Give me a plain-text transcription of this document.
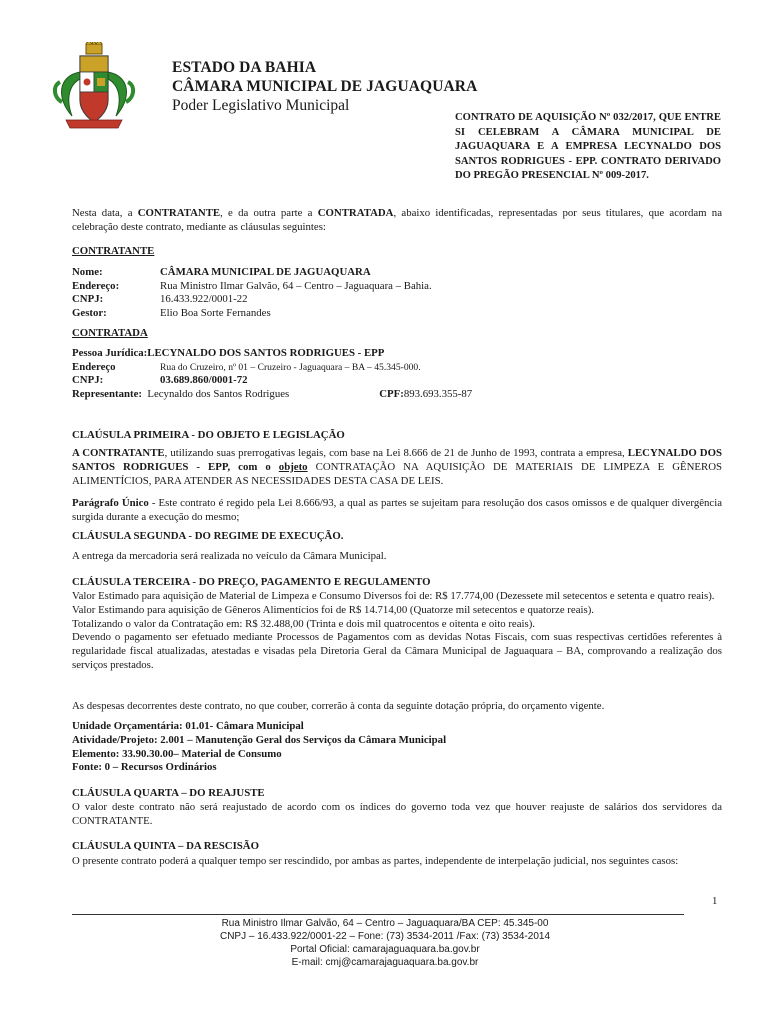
ESTADO DA BAHIA
CÂMARA MUNICIPAL DE JAGUAQUARA
Poder Legislativo Municipal
CONTRATO DE AQUISIÇÃO Nº 032/2017, QUE ENTRE SI CELEBRAM A CÂMARA MUNICIPAL DE JAGUAQUARA E A EMPRESA LECYNALDO DOS SANTOS RODRIGUES - EPP. CONTRATO DERIVADO DO PREGÃO PRESENCIAL Nº 009-2017.
Nesta data, a CONTRATANTE, e da outra parte a CONTRATADA, abaixo identificadas, representadas por seus titulares, que acordam na celebração deste contrato, mediante as cláusulas seguintes:
CONTRATANTE
Nome:	CÂMARA MUNICIPAL DE JAGUAQUARA
Endereço:	Rua Ministro Ilmar Galvão, 64 – Centro – Jaguaquara – Bahia.
CNPJ:	16.433.922/0001-22
Gestor:	Elio Boa Sorte Fernandes
CONTRATADA
Pessoa Jurídica:LECYNALDO DOS SANTOS RODRIGUES - EPP
Endereço	Rua do Cruzeiro, nº 01 – Cruzeiro - Jaguaquara – BA – 45.345-000.
CNPJ:	03.689.860/0001-72
Representante: Lecynaldo dos Santos Rodrigues	CPF:893.693.355-87
CLAÚSULA PRIMEIRA - DO OBJETO E LEGISLAÇÃO
A CONTRATANTE, utilizando suas prerrogativas legais, com base na Lei 8.666 de 21 de Junho de 1993, contrata a empresa, LECYNALDO DOS SANTOS RODRIGUES - EPP, com o objeto CONTRATAÇÃO NA AQUISIÇÃO DE MATERIAIS DE LIMPEZA E GÊNEROS ALIMENTÍCIOS, PARA ATENDER AS NECESSIDADES DESTA CASA DE LEIS.
Parágrafo Único - Este contrato é regido pela Lei 8.666/93, a qual as partes se sujeitam para resolução dos casos omissos e de qualquer divergência surgida durante a execução do mesmo;
CLÁUSULA SEGUNDA - DO REGIME DE EXECUÇÃO.
A entrega da mercadoria será realizada no veículo da Câmara Municipal.
CLÁUSULA TERCEIRA - DO PREÇO, PAGAMENTO E REGULAMENTO
Valor Estimado para aquisição de Material de Limpeza e Consumo Diversos foi de: R$ 17.774,00 (Dezessete mil setecentos e setenta e quatro reais).
Valor Estimando para aquisição de Gêneros Alimentícios foi de R$ 14.714,00 (Quatorze mil setecentos e quatorze reais).
Totalizando o valor da Contratação em: R$ 32.488,00 (Trinta e dois mil quatrocentos e oitenta e oito reais).
Devendo o pagamento ser efetuado mediante Processos de Pagamentos com as devidas Notas Fiscais, com suas respectivas certidões referentes à regularidade fiscal atualizadas, atestadas e visadas pela Diretoria Geral da Câmara Municipal de Jaguaquara – BA, comprovando a realização dos serviços prestados.
As despesas decorrentes deste contrato, no que couber, correrão à conta da seguinte dotação própria, do orçamento vigente.
Unidade Orçamentária: 01.01- Câmara Municipal
Atividade/Projeto: 2.001 – Manutenção Geral dos Serviços da Câmara Municipal
Elemento: 33.90.30.00– Material de Consumo
Fonte: 0 – Recursos Ordinários
CLÁUSULA QUARTA – DO REAJUSTE
O valor deste contrato não será reajustado de acordo com os índices do governo toda vez que houver reajuste de salários dos servidores da CONTRATANTE.
CLÁUSULA QUINTA – DA RESCISÃO
O presente contrato poderá a qualquer tempo ser rescindido, por ambas as partes, independente de interpelação judicial, nos seguintes casos:
1
Rua Ministro Ilmar Galvão, 64 – Centro – Jaguaquara/BA CEP: 45.345-00
CNPJ – 16.433.922/0001-22 – Fone: (73) 3534-2011 /Fax: (73) 3534-2014
Portal Oficial: camarajaguaquara.ba.gov.br
E-mail: cmj@camarajaguaquara.ba.gov.br
